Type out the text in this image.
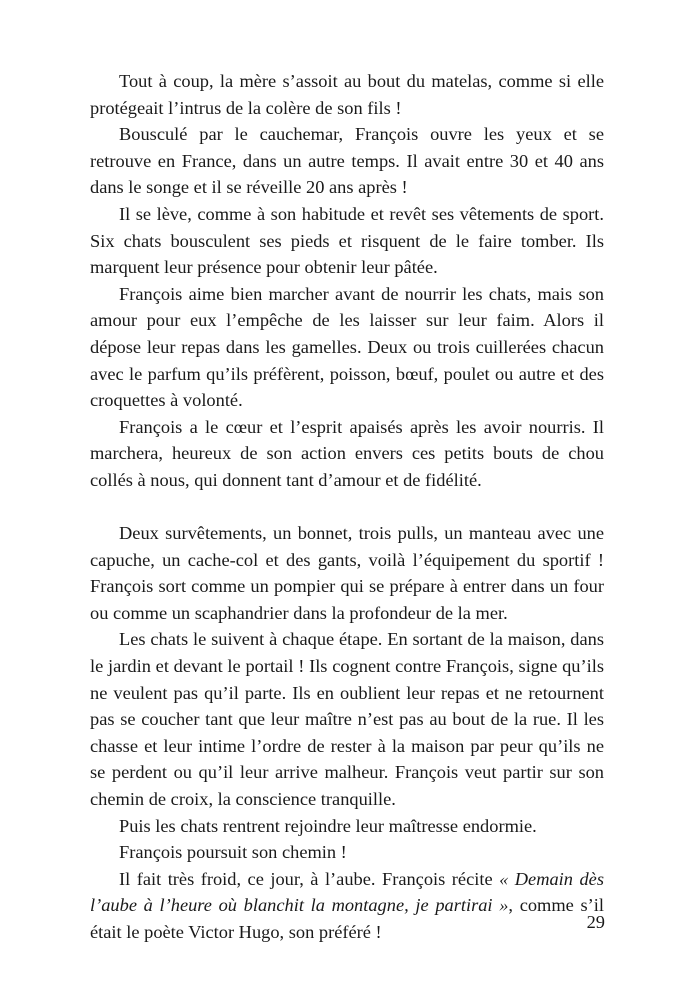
Tout à coup, la mère s’assoit au bout du matelas, comme si elle protégeait l’intrus de la colère de son fils !

Bousculé par le cauchemar, François ouvre les yeux et se retrouve en France, dans un autre temps. Il avait entre 30 et 40 ans dans le songe et il se réveille 20 ans après !

Il se lève, comme à son habitude et revêt ses vêtements de sport. Six chats bousculent ses pieds et risquent de le faire tomber. Ils marquent leur présence pour obtenir leur pâtée.

François aime bien marcher avant de nourrir les chats, mais son amour pour eux l’empêche de les laisser sur leur faim. Alors il dépose leur repas dans les gamelles. Deux ou trois cuillerées chacun avec le parfum qu’ils préfèrent, poisson, bœuf, poulet ou autre et des croquettes à volonté.

François a le cœur et l’esprit apaisés après les avoir nourris. Il marchera, heureux de son action envers ces petits bouts de chou collés à nous, qui donnent tant d’amour et de fidélité.

Deux survêtements, un bonnet, trois pulls, un manteau avec une capuche, un cache-col et des gants, voilà l’équipement du sportif ! François sort comme un pompier qui se prépare à entrer dans un four ou comme un scaphandrier dans la profondeur de la mer.

Les chats le suivent à chaque étape. En sortant de la maison, dans le jardin et devant le portail ! Ils cognent contre François, signe qu’ils ne veulent pas qu’il parte. Ils en oublient leur repas et ne retournent pas se coucher tant que leur maître n’est pas au bout de la rue. Il les chasse et leur intime l’ordre de rester à la maison par peur qu’ils ne se perdent ou qu’il leur arrive malheur. François veut partir sur son chemin de croix, la conscience tranquille.

Puis les chats rentrent rejoindre leur maîtresse endormie.

François poursuit son chemin !

Il fait très froid, ce jour, à l’aube. François récite « Demain dès l’aube à l’heure où blanchit la montagne, je partirai », comme s’il était le poète Victor Hugo, son préféré !	29
